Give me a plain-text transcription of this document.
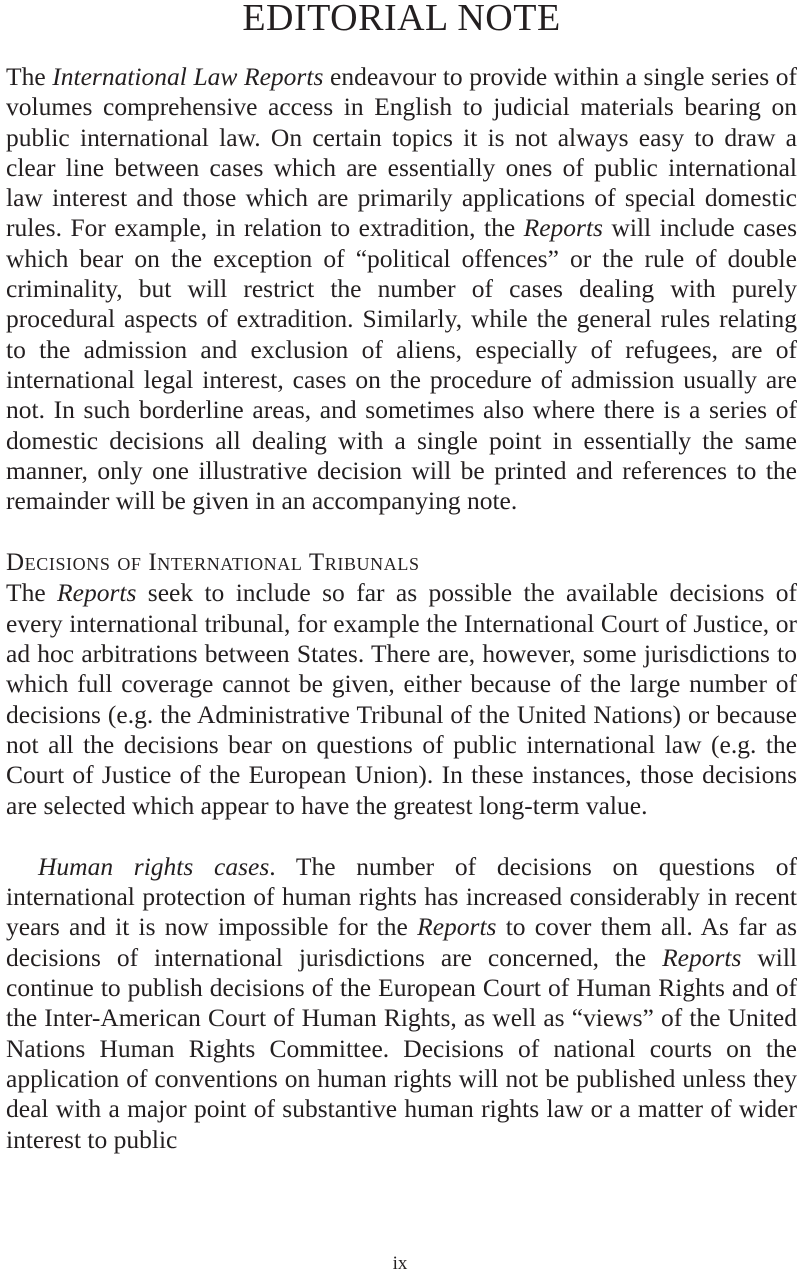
EDITORIAL NOTE

The International Law Reports endeavour to provide within a single series of volumes comprehensive access in English to judicial materials bearing on public international law. On certain topics it is not always easy to draw a clear line between cases which are essentially ones of public international law interest and those which are primarily applications of special domestic rules. For example, in relation to extradition, the Reports will include cases which bear on the exception of “political offences” or the rule of double criminality, but will restrict the number of cases dealing with purely procedural aspects of extradition. Similarly, while the general rules relating to the admission and exclusion of aliens, especially of refugees, are of international legal interest, cases on the procedure of admission usually are not. In such borderline areas, and sometimes also where there is a series of domestic decisions all dealing with a single point in essentially the same manner, only one illustrative decision will be printed and references to the remainder will be given in an accompanying note.

Decisions of International Tribunals

The Reports seek to include so far as possible the available decisions of every international tribunal, for example the International Court of Justice, or ad hoc arbitrations between States. There are, however, some jurisdictions to which full coverage cannot be given, either because of the large number of decisions (e.g. the Administrative Tribunal of the United Nations) or because not all the decisions bear on questions of public international law (e.g. the Court of Justice of the European Union). In these instances, those decisions are selected which appear to have the greatest long-term value.

Human rights cases. The number of decisions on questions of international protection of human rights has increased considerably in recent years and it is now impossible for the Reports to cover them all. As far as decisions of international jurisdictions are concerned, the Reports will continue to publish decisions of the European Court of Human Rights and of the Inter-American Court of Human Rights, as well as “views” of the United Nations Human Rights Committee. Decisions of national courts on the application of conventions on human rights will not be published unless they deal with a major point of substantive human rights law or a matter of wider interest to public

ix
